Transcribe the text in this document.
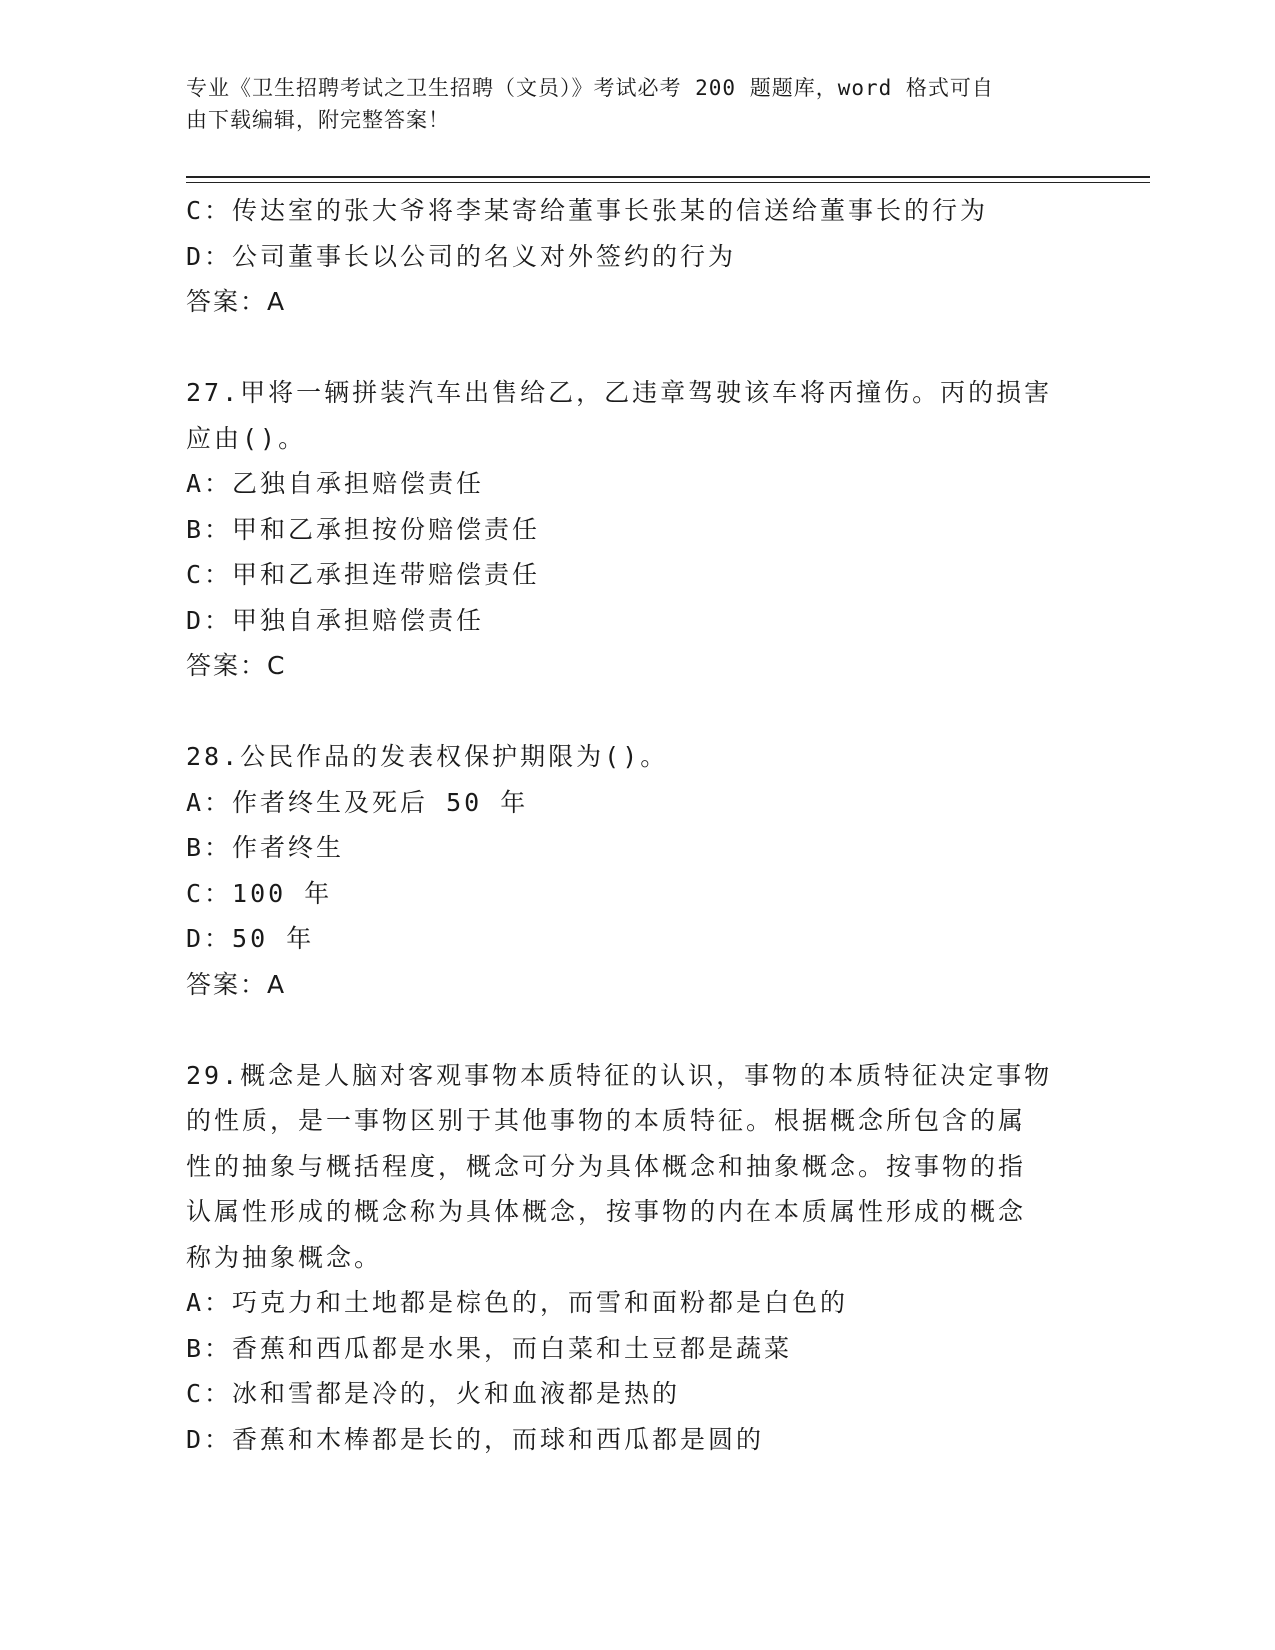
专业《卫生招聘考试之卫生招聘（文员）》考试必考 200 题题库，word 格式可自
由下载编辑，附完整答案！
C：传达室的张大爷将李某寄给董事长张某的信送给董事长的行为
D：公司董事长以公司的名义对外签约的行为
答案：A
27.甲将一辆拼装汽车出售给乙，乙违章驾驶该车将丙撞伤。丙的损害
应由()。
A：乙独自承担赔偿责任
B：甲和乙承担按份赔偿责任
C：甲和乙承担连带赔偿责任
D：甲独自承担赔偿责任
答案：C
28.公民作品的发表权保护期限为()。
A：作者终生及死后 50 年
B：作者终生
C：100 年
D：50 年
答案：A
29.概念是人脑对客观事物本质特征的认识，事物的本质特征决定事物
的性质，是一事物区别于其他事物的本质特征。根据概念所包含的属
性的抽象与概括程度，概念可分为具体概念和抽象概念。按事物的指
认属性形成的概念称为具体概念，按事物的内在本质属性形成的概念
称为抽象概念。
A：巧克力和土地都是棕色的，而雪和面粉都是白色的
B：香蕉和西瓜都是水果，而白菜和土豆都是蔬菜
C：冰和雪都是冷的，火和血液都是热的
D：香蕉和木棒都是长的，而球和西瓜都是圆的
